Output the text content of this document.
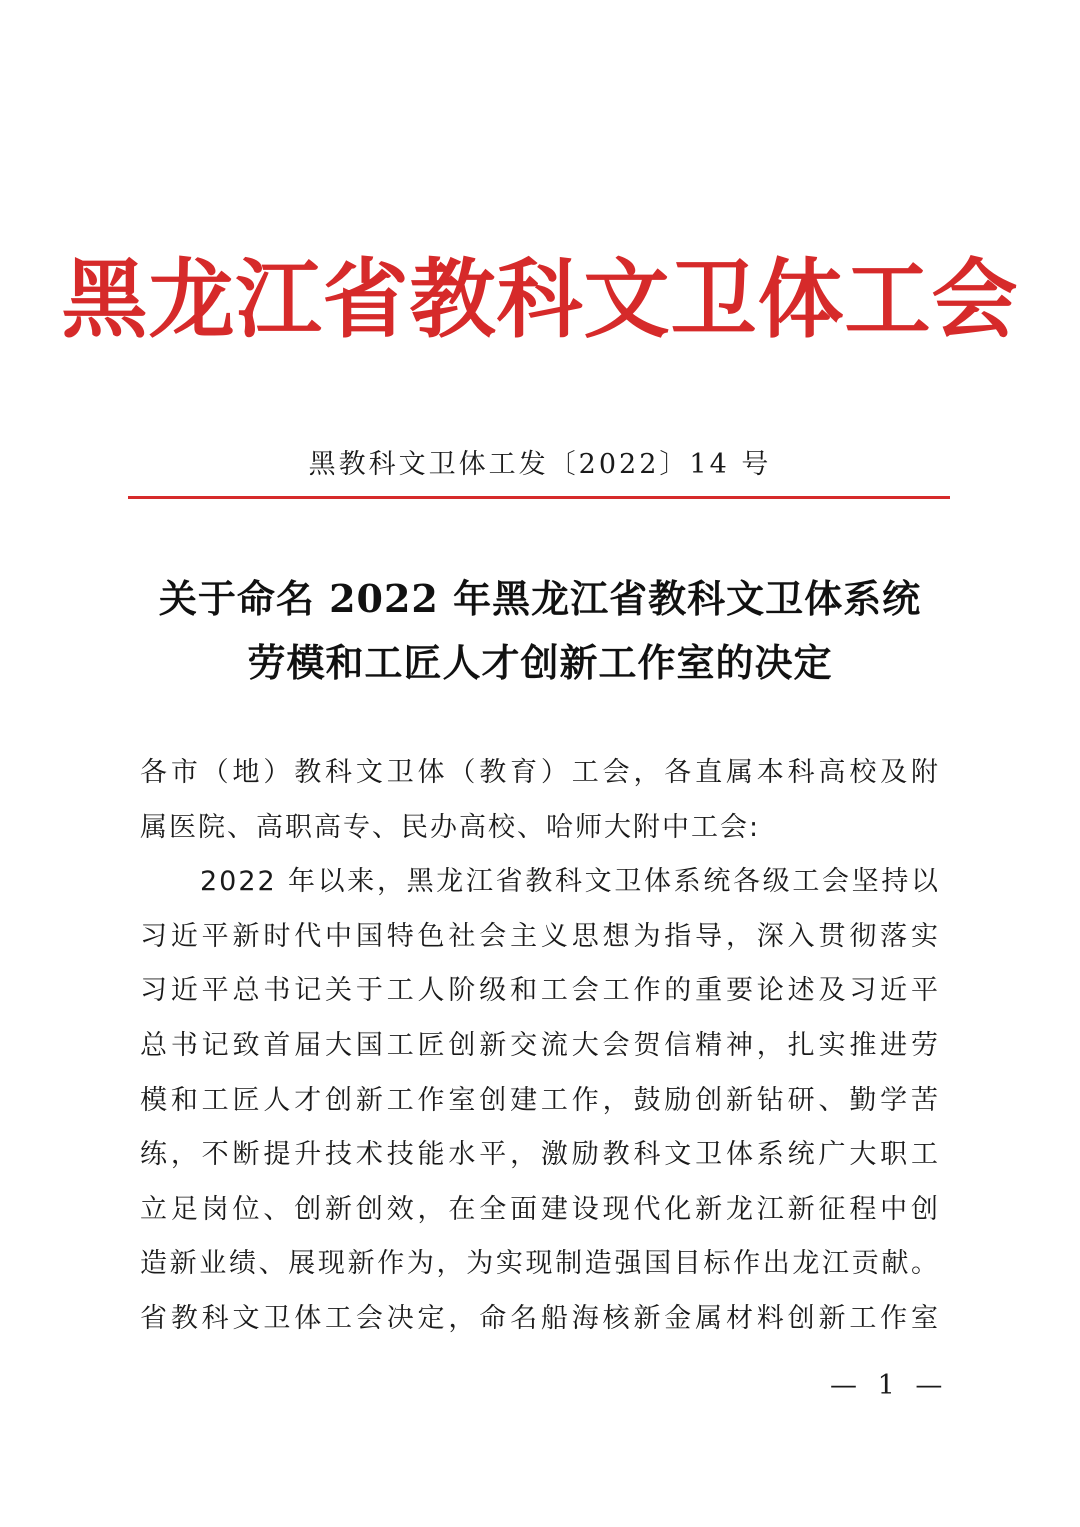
黑龙江省教科文卫体工会
黑教科文卫体工发〔2022〕14 号
关于命名 2022 年黑龙江省教科文卫体系统
劳模和工匠人才创新工作室的决定
各市（地）教科文卫体（教育）工会，各直属本科高校及附
属医院、高职高专、民办高校、哈师大附中工会:
2022 年以来，黑龙江省教科文卫体系统各级工会坚持以
习近平新时代中国特色社会主义思想为指导，深入贯彻落实
习近平总书记关于工人阶级和工会工作的重要论述及习近平
总书记致首届大国工匠创新交流大会贺信精神，扎实推进劳
模和工匠人才创新工作室创建工作，鼓励创新钻研、勤学苦
练，不断提升技术技能水平，激励教科文卫体系统广大职工
立足岗位、创新创效，在全面建设现代化新龙江新征程中创
造新业绩、展现新作为，为实现制造强国目标作出龙江贡献。
省教科文卫体工会决定，命名船海核新金属材料创新工作室
— 1 —
